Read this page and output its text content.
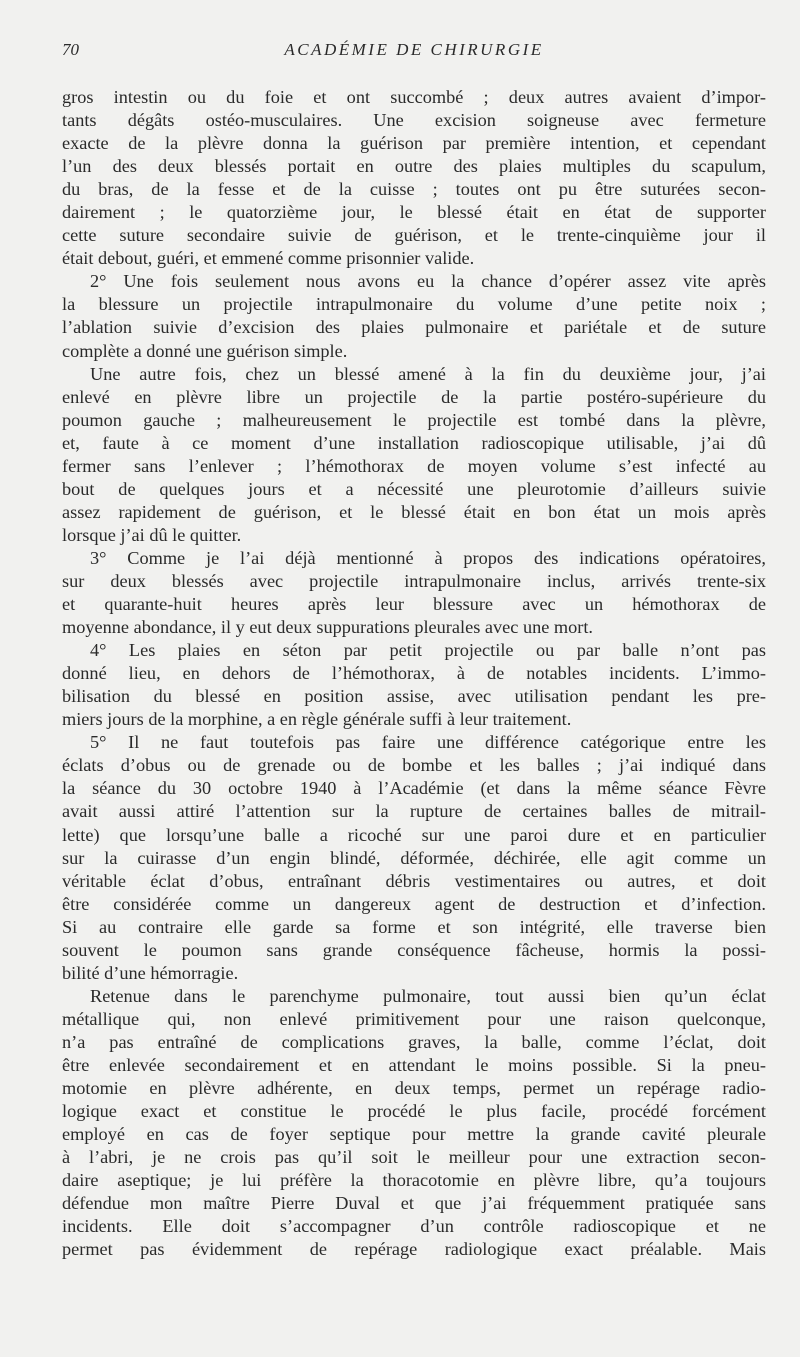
70	ACADÉMIE DE CHIRURGIE
gros intestin ou du foie et ont succombé ; deux autres avaient d’impor-
tants dégâts ostéo-musculaires. Une excision soigneuse avec fermeture
exacte de la plèvre donna la guérison par première intention, et cependant
l’un des deux blessés portait en outre des plaies multiples du scapulum,
du bras, de la fesse et de la cuisse ; toutes ont pu être suturées secon-
dairement ; le quatorzième jour, le blessé était en état de supporter
cette suture secondaire suivie de guérison, et le trente-cinquième jour il
était debout, guéri, et emmené comme prisonnier valide.
2° Une fois seulement nous avons eu la chance d’opérer assez vite après
la blessure un projectile intrapulmonaire du volume d’une petite noix ;
l’ablation suivie d’excision des plaies pulmonaire et pariétale et de suture
complète a donné une guérison simple.
Une autre fois, chez un blessé amené à la fin du deuxième jour, j’ai
enlevé en plèvre libre un projectile de la partie postéro-supérieure du
poumon gauche ; malheureusement le projectile est tombé dans la plèvre,
et, faute à ce moment d’une installation radioscopique utilisable, j’ai dû
fermer sans l’enlever ; l’hémothorax de moyen volume s’est infecté au
bout de quelques jours et a nécessité une pleurotomie d’ailleurs suivie
assez rapidement de guérison, et le blessé était en bon état un mois après
lorsque j’ai dû le quitter.
3° Comme je l’ai déjà mentionné à propos des indications opératoires,
sur deux blessés avec projectile intrapulmonaire inclus, arrivés trente-six
et quarante-huit heures après leur blessure avec un hémothorax de
moyenne abondance, il y eut deux suppurations pleurales avec une mort.
4° Les plaies en séton par petit projectile ou par balle n’ont pas
donné lieu, en dehors de l’hémothorax, à de notables incidents. L’immo-
bilisation du blessé en position assise, avec utilisation pendant les pre-
miers jours de la morphine, a en règle générale suffi à leur traitement.
5° Il ne faut toutefois pas faire une différence catégorique entre les
éclats d’obus ou de grenade ou de bombe et les balles ; j’ai indiqué dans
la séance du 30 octobre 1940 à l’Académie (et dans la même séance Fèvre
avait aussi attiré l’attention sur la rupture de certaines balles de mitrail-
lette) que lorsqu’une balle a ricoché sur une paroi dure et en particulier
sur la cuirasse d’un engin blindé, déformée, déchirée, elle agit comme un
véritable éclat d’obus, entraînant débris vestimentaires ou autres, et doit
être considérée comme un dangereux agent de destruction et d’infection.
Si au contraire elle garde sa forme et son intégrité, elle traverse bien
souvent le poumon sans grande conséquence fâcheuse, hormis la possi-
bilité d’une hémorragie.
Retenue dans le parenchyme pulmonaire, tout aussi bien qu’un éclat
métallique qui, non enlevé primitivement pour une raison quelconque,
n’a pas entraîné de complications graves, la balle, comme l’éclat, doit
être enlevée secondairement et en attendant le moins possible. Si la pneu-
motomie en plèvre adhérente, en deux temps, permet un repérage radio-
logique exact et constitue le procédé le plus facile, procédé forcément
employé en cas de foyer septique pour mettre la grande cavité pleurale
à l’abri, je ne crois pas qu’il soit le meilleur pour une extraction secon-
daire aseptique; je lui préfère la thoracotomie en plèvre libre, qu’a toujours
défendue mon maître Pierre Duval et que j’ai fréquemment pratiquée sans
incidents. Elle doit s’accompagner d’un contrôle radioscopique et ne
permet pas évidemment de repérage radiologique exact préalable. Mais
